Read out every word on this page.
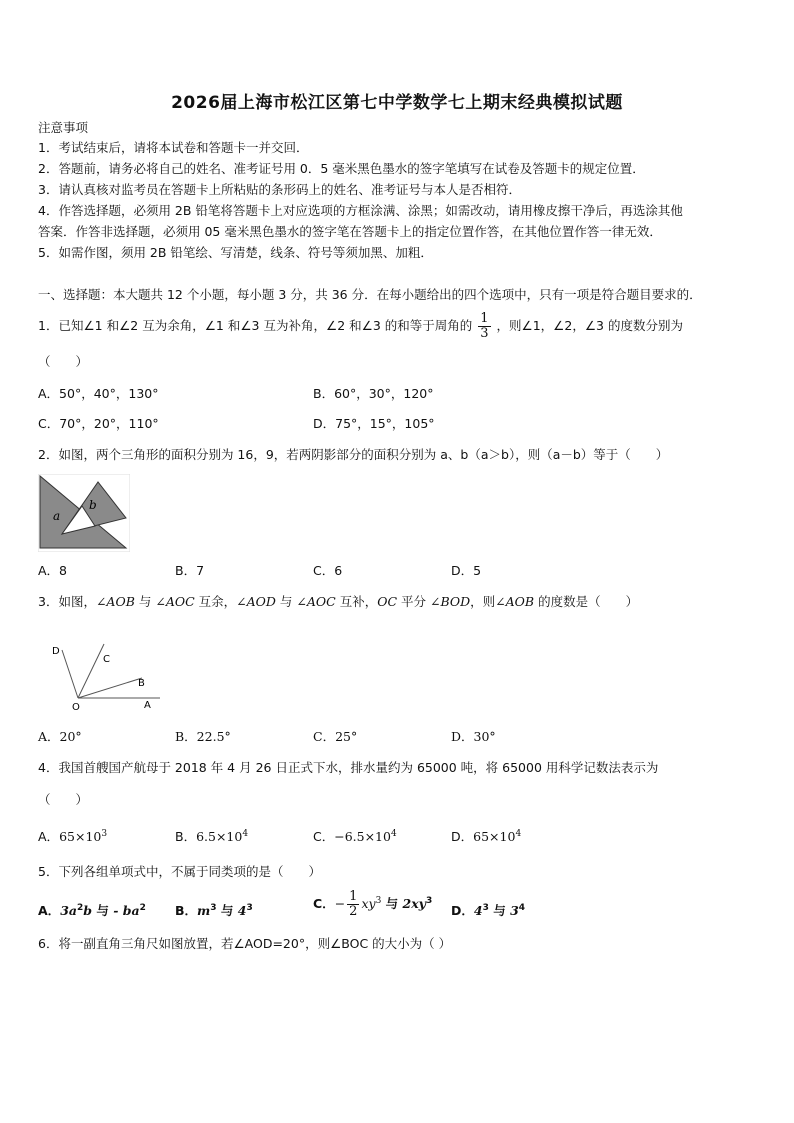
2026届上海市松江区第七中学数学七上期末经典模拟试题
注意事项
1．考试结束后，请将本试卷和答题卡一并交回．
2．答题前，请务必将自己的姓名、准考证号用 0．5 毫米黑色墨水的签字笔填写在试卷及答题卡的规定位置．
3．请认真核对监考员在答题卡上所粘贴的条形码上的姓名、准考证号与本人是否相符．
4．作答选择题，必须用 2B 铅笔将答题卡上对应选项的方框涂满、涂黑；如需改动，请用橡皮擦干净后，再选涂其他
答案．作答非选择题，必须用 05 毫米黑色墨水的签字笔在答题卡上的指定位置作答，在其他位置作答一律无效．
5．如需作图，须用 2B 铅笔绘、写清楚，线条、符号等须加黑、加粗．
一、选择题：本大题共 12 个小题，每小题 3 分，共 36 分．在每小题给出的四个选项中，只有一项是符合题目要求的．
1．已知∠1 和∠2 互为余角，∠1 和∠3 互为补角，∠2 和∠3 的和等于周角的 $\frac{1}{3}$ ，则∠1，∠2，∠3 的度数分别为
（　　）
A．50°，40°，130°	B．60°，30°，120°
C．70°，20°，110°	D．75°，15°，105°
2．如图，两个三角形的面积分别为 16，9，若两阴影部分的面积分别为 a、b（a＞b），则（a－b）等于（　　）
a
b
A．8	B．7	C．6	D．5
3．如图，∠AOB 与 ∠AOC 互余，∠AOD 与 ∠AOC 互补，OC 平分 ∠BOD，则∠AOB 的度数是（　　）
D
C
B
O	A
A．20°	B．22.5°	C．25°	D．30°
4．我国首艘国产航母于 2018 年 4 月 26 日正式下水，排水量约为 65000 吨，将 65000 用科学记数法表示为
（　　）
A．$65\times 10^3$	B．$6.5\times 10^4$	C．$-6.5\times 10^4$	D．$65\times 10^4$
5．下列各组单项式中，不属于同类项的是（　　）
A．$3a^2b$ 与 - $ba^2$ B．$m^3$ 与 $4^3$	C．− $\frac{1}{2} xy^3$ 与 $2xy^3$
D．$4^3$ 与 $3^4$
6．将一副直角三角尺如图放置，若∠AOD=20°，则∠BOC 的大小为（ ）
